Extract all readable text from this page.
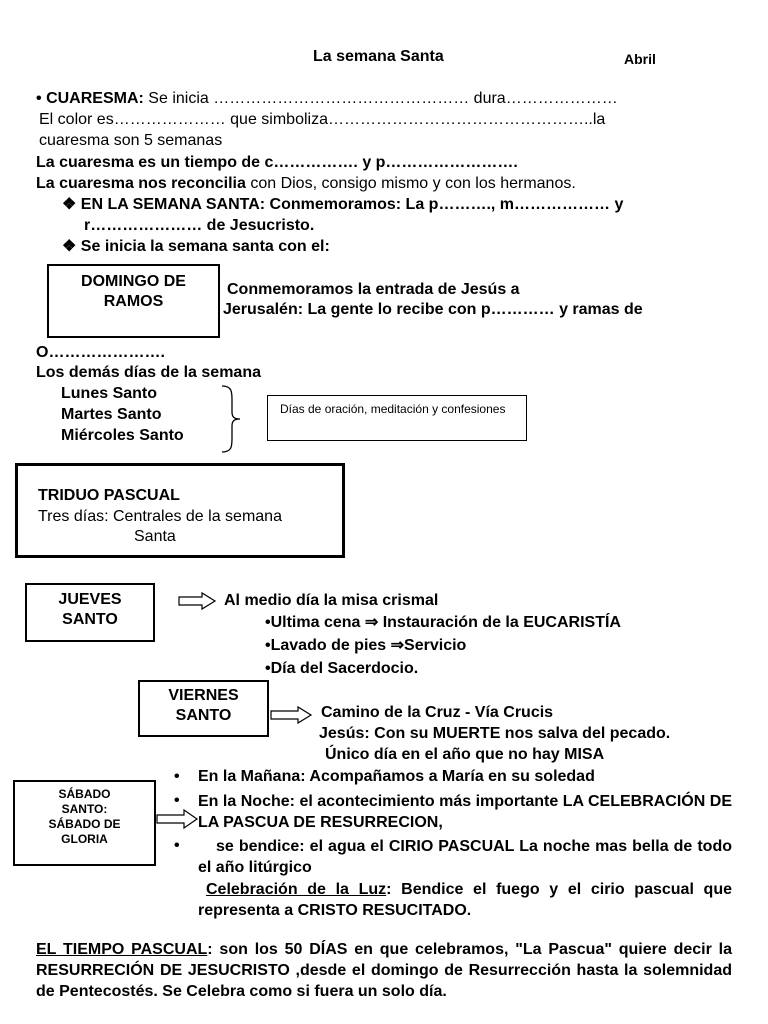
La semana Santa	Abril
• CUARESMA: Se inicia ………………………………………… dura…………………
El color es………………… que simboliza…………………………………………..la
cuaresma son 5 semanas
La cuaresma es un tiempo de c……………. y p…………………….
La cuaresma nos reconcilia con Dios, consigo mismo y con los hermanos.
❖ EN LA SEMANA SANTA: Conmemoramos: La p………., m……………… y
r………………… de Jesucristo.
❖ Se inicia la semana santa con el:
DOMINGO DE RAMOS
Conmemoramos la entrada de Jesús a
Jerusalén: La gente lo recibe con p………… y ramas de
O………………….
Los demás días de la semana
Lunes Santo
Martes Santo
Miércoles Santo
Días de oración, meditación y confesiones
TRIDUO PASCUAL
Tres días: Centrales de la semana
Santa
JUEVES SANTO
Al medio día la misa crismal
•Ultima cena ⇒ Instauración de la EUCARISTÍA
•Lavado de pies ⇒Servicio
•Día del Sacerdocio.
VIERNES SANTO	Camino de la Cruz - Vía Crucis
Jesús: Con su MUERTE nos salva del pecado.
Único día en el año que no hay MISA
SÁBADO SANTO: SÁBADO DE GLORIA
• En la Mañana: Acompañamos a María en su soledad
• En la Noche: el acontecimiento más importante LA CELEBRACIÓN DE LA PASCUA DE RESURRECION,
•	se bendice: el agua el CIRIO PASCUAL La noche mas bella de todo el año litúrgico
Celebración de la Luz: Bendice el fuego y el cirio pascual que representa a CRISTO RESUCITADO.
EL TIEMPO PASCUAL: son los 50 DÍAS en que celebramos, "La Pascua" quiere decir la RESURRECIÓN DE JESUCRISTO ,desde el domingo de Resurrección hasta la solemnidad de Pentecostés. Se Celebra como si fuera un solo día.
